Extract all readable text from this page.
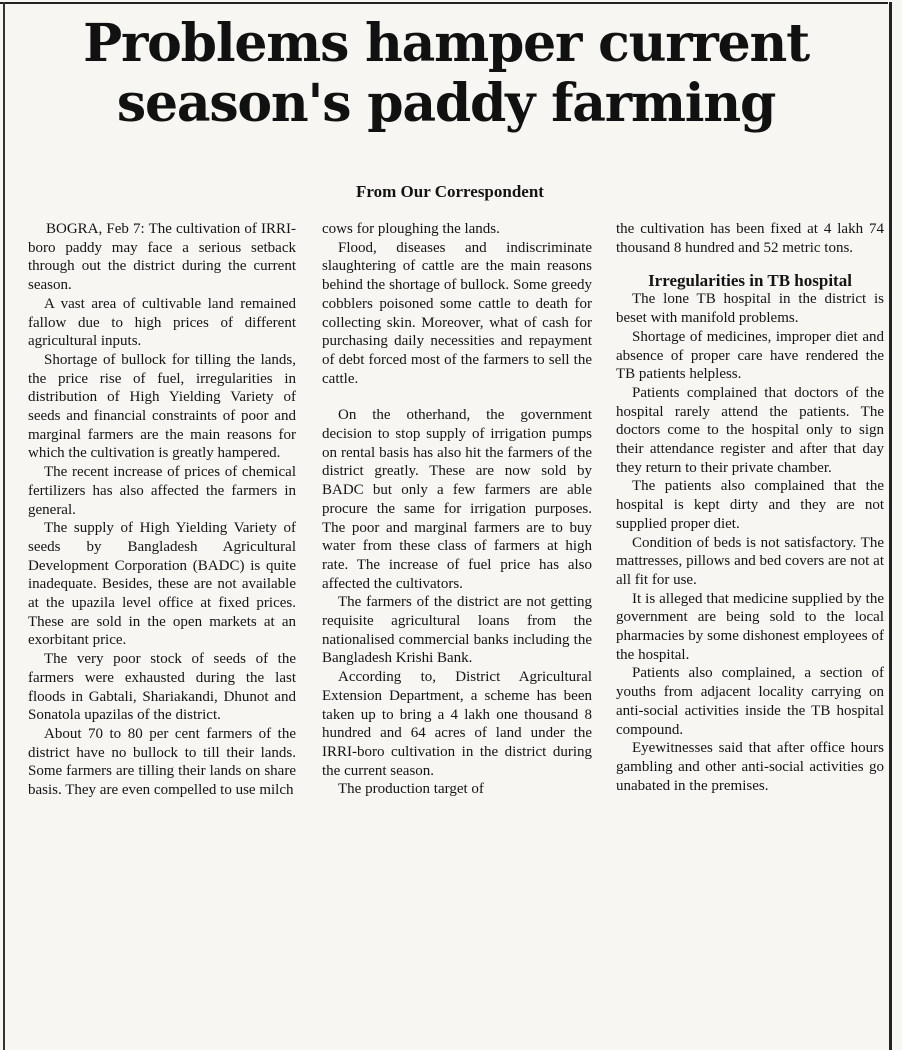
Problems hamper current
season's paddy farming

From Our Correspondent

BOGRA, Feb 7: The cultivation of IRRI-boro paddy may face a serious setback through out the district during the current season.

A vast area of cultivable land remained fallow due to high prices of different agricultural inputs.

Shortage of bullock for tilling the lands, the price rise of fuel, irregularities in distribution of High Yielding Variety of seeds and financial constraints of poor and marginal farmers are the main reasons for which the cultivation is greatly hampered.

The recent increase of prices of chemical fertilizers has also affected the farmers in general.

The supply of High Yielding Variety of seeds by Bangladesh Agricultural Development Corporation (BADC) is quite inadequate. Besides, these are not available at the upazila level office at fixed prices. These are sold in the open markets at an exorbitant price.

The very poor stock of seeds of the farmers were exhausted during the last floods in Gabtali, Shariakandi, Dhunot and Sonatola upazilas of the district.

About 70 to 80 per cent farmers of the district have no bullock to till their lands. Some farmers are tilling their lands on share basis. They are even compelled to use milch

cows for ploughing the lands.

Flood, diseases and indiscriminate slaughtering of cattle are the main reasons behind the shortage of bullock. Some greedy cobblers poisoned some cattle to death for collecting skin. Moreover, what of cash for purchasing daily necessities and repayment of debt forced most of the farmers to sell the cattle.

On the otherhand, the government decision to stop supply of irrigation pumps on rental basis has also hit the farmers of the district greatly. These are now sold by BADC but only a few farmers are able procure the same for irrigation purposes. The poor and marginal farmers are to buy water from these class of farmers at high rate. The increase of fuel price has also affected the cultivators.

The farmers of the district are not getting requisite agricultural loans from the nationalised commercial banks including the Bangladesh Krishi Bank.

According to, District Agricultural Extension Department, a scheme has been taken up to bring a 4 lakh one thousand 8 hundred and 64 acres of land under the IRRI-boro cultivation in the district during the current season.

The production target of

the cultivation has been fixed at 4 lakh 74 thousand 8 hundred and 52 metric tons.

Irregularities in TB hospital

The lone TB hospital in the district is beset with manifold problems.

Shortage of medicines, improper diet and absence of proper care have rendered the TB patients helpless.

Patients complained that doctors of the hospital rarely attend the patients. The doctors come to the hospital only to sign their attendance register and after that day they return to their private chamber.

The patients also complained that the hospital is kept dirty and they are not supplied proper diet.

Condition of beds is not satisfactory. The mattresses, pillows and bed covers are not at all fit for use.

It is alleged that medicine supplied by the government are being sold to the local pharmacies by some dishonest employees of the hospital.

Patients also complained, a section of youths from adjacent locality carrying on anti-social activities inside the TB hospital compound.

Eyewitnesses said that after office hours gambling and other anti-social activities go unabated in the premises.
